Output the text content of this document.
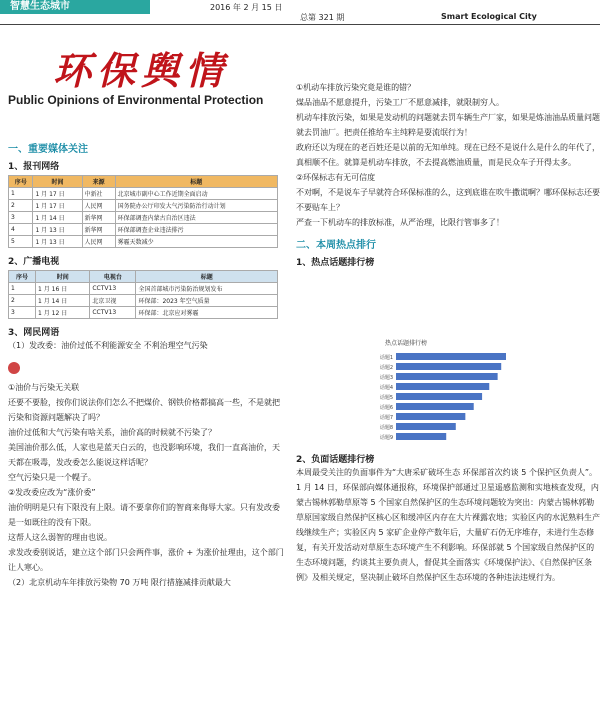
智慧生态城市	2016 年 2 月 15 日
总第 321 期	Smart Ecological City
环保舆情
Public Opinions of Environmental Protection
一、重要媒体关注
1、报刊网络
序号	时间	来源	标题
1	1 月 17 日	中新社	北京城市副中心工作近期全面启动
2	1 月 17 日	人民网	国务院办公厅印发大气污染防治行动计划
3	1 月 14 日	新华网	环保部调查内蒙古自治区违法
4	1 月 13 日	新华网	环保部调查企业违法排污
5	1 月 13 日	人民网	雾霾天数减少
2、广播电视
序号	时间	电视台	标题
1	1 月 16 日	CCTV13	全国首部城市污染防治规划发布
2	1 月 14 日	北京卫视	环保部：2023 年空气质量
3	1 月 12 日	CCTV13	环保部：北京应对雾霾
3、网民网语
（1）发改委：油价过低不利能源安全 不利治理空气污染
①油价与污染无关联
还要不要脸，按你们说法你们怎么不把煤价、钢铁价格都搞高一些，不是就把污染和资源问题解决了吗？
油价过低和大气污染有啥关系，油价高的时候就不污染了？
美国油价那么低，人家也是蓝天白云的，也没影响环境，我们一直高油价，天天都在吸毒，发改委怎么能说这样话呢？
空气污染只是一个幌子。
②发改委应改为“涨价委”
油价明明是只有下限没有上限。请不要拿你们的智商来侮辱大家。只有发改委是一如既往的没有下限。
这帮人这么弱智的理由也说。
求发改委别说话，建立这个部门只会两件事，涨价 + 为涨价扯理由，这个部门让人寒心。
（2）北京机动车年排放污染物 70 万吨 限行措施减排贡献最大
①机动车排放污染究竟是谁的错？
煤品油品不愿意提升，污染工厂不愿意减排，就限制穷人。
机动车排放污染，如果是发动机的问题就去罚车辆生产厂家，如果是炼油油品质量问题就去罚油厂。把责任推给车主纯粹是耍流氓行为！
政府还以为现在的老百姓还是以前的无知单纯。现在已经不是说什么是什么的年代了，真相顺不住。就算是机动车排放，不去提高燃油质量，而是民众车子开得太多。
②环保标志有无可信度
不对啊，不是说车子早就符合环保标准的么，这到底谁在吹牛撒谎啊？哪环保标志还要不要贴车上？
严查一下机动车的排放标准，从严治理，比限行管事多了！
二、本周热点排行
1、热点话题排行榜
热点话题排行榜
话题1
话题2
话题3
话题4
话题5
话题6
话题7
话题8
话题9
2、负面话题排行榜
本周最受关注的负面事件为“大唐采矿破坏生态 环保部首次约谈 5 个保护区负责人”。1 月 14 日，环保部向媒体通报称，环境保护部通过卫星遥感监测和实地核查发现，内蒙古锡林郭勒草原等 5 个国家自然保护区的生态环境问题较为突出：内蒙古锡林郭勒草原国家级自然保护区核心区和缓冲区内存在大片裸露农地；实验区内的水泥熟料生产线继续生产；实验区内 5 家矿企业停产数年后，大量矿石仍无序堆存，未进行生态修复，有关开发活动对草原生态环境产生不利影响。环保部就 5 个国家级自然保护区的生态环境问题，约谈其主要负责人，督促其全面落实《环境保护法》、《自然保护区条例》及相关规定，坚决制止破坏自然保护区生态环境的各种违法违规行为。
